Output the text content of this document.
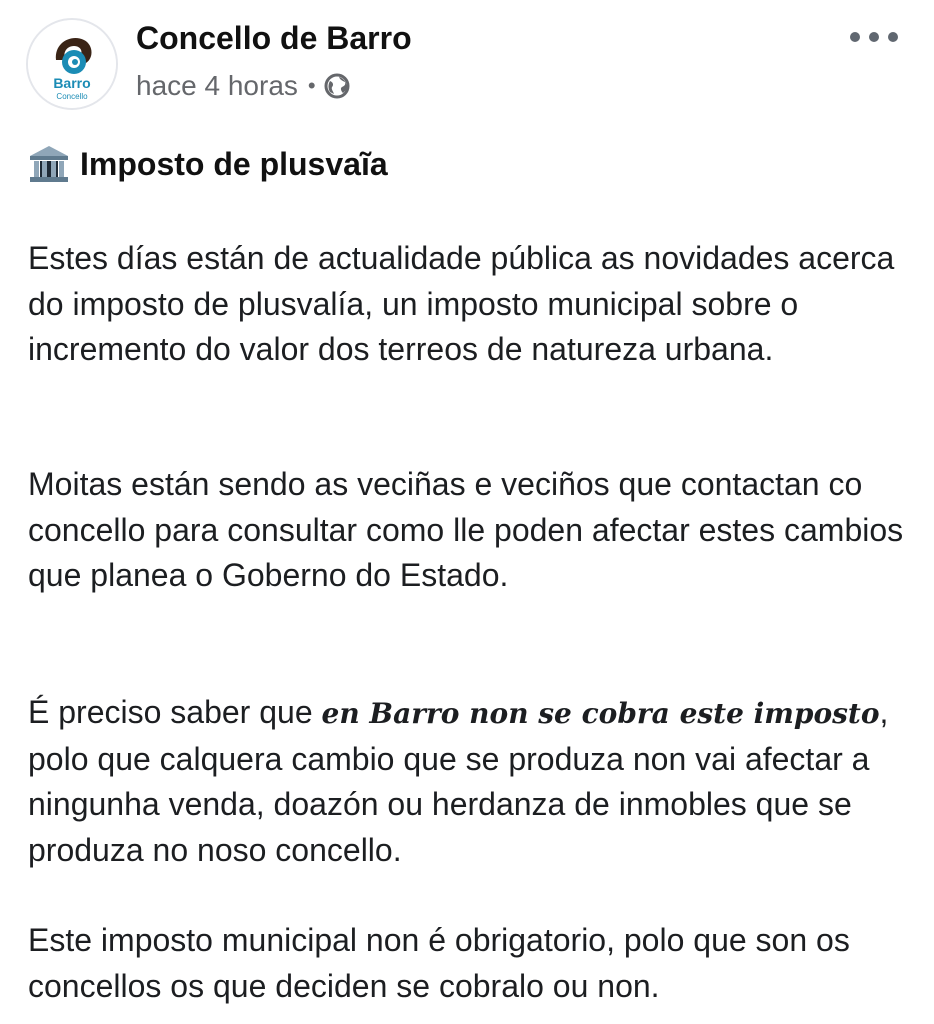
Barro
Concello
Concello de Barro
hace 4 horas •
Imposto de plusvaĩa

Estes días están de actualidade pública as novidades acerca do imposto de plusvalía, un imposto municipal sobre o incremento do valor dos terreos de natureza urbana.

Moitas están sendo as veciñas e veciños que contactan co concello para consultar como lle poden afectar estes cambios que planea o Goberno do Estado.

É preciso saber que en Barro non se cobra este imposto, polo que calquera cambio que se produza non vai afectar a ningunha venda, doazón ou herdanza de inmobles que se produza no noso concello.

Este imposto municipal non é obrigatorio, polo que son os concellos os que deciden se cobralo ou non.
